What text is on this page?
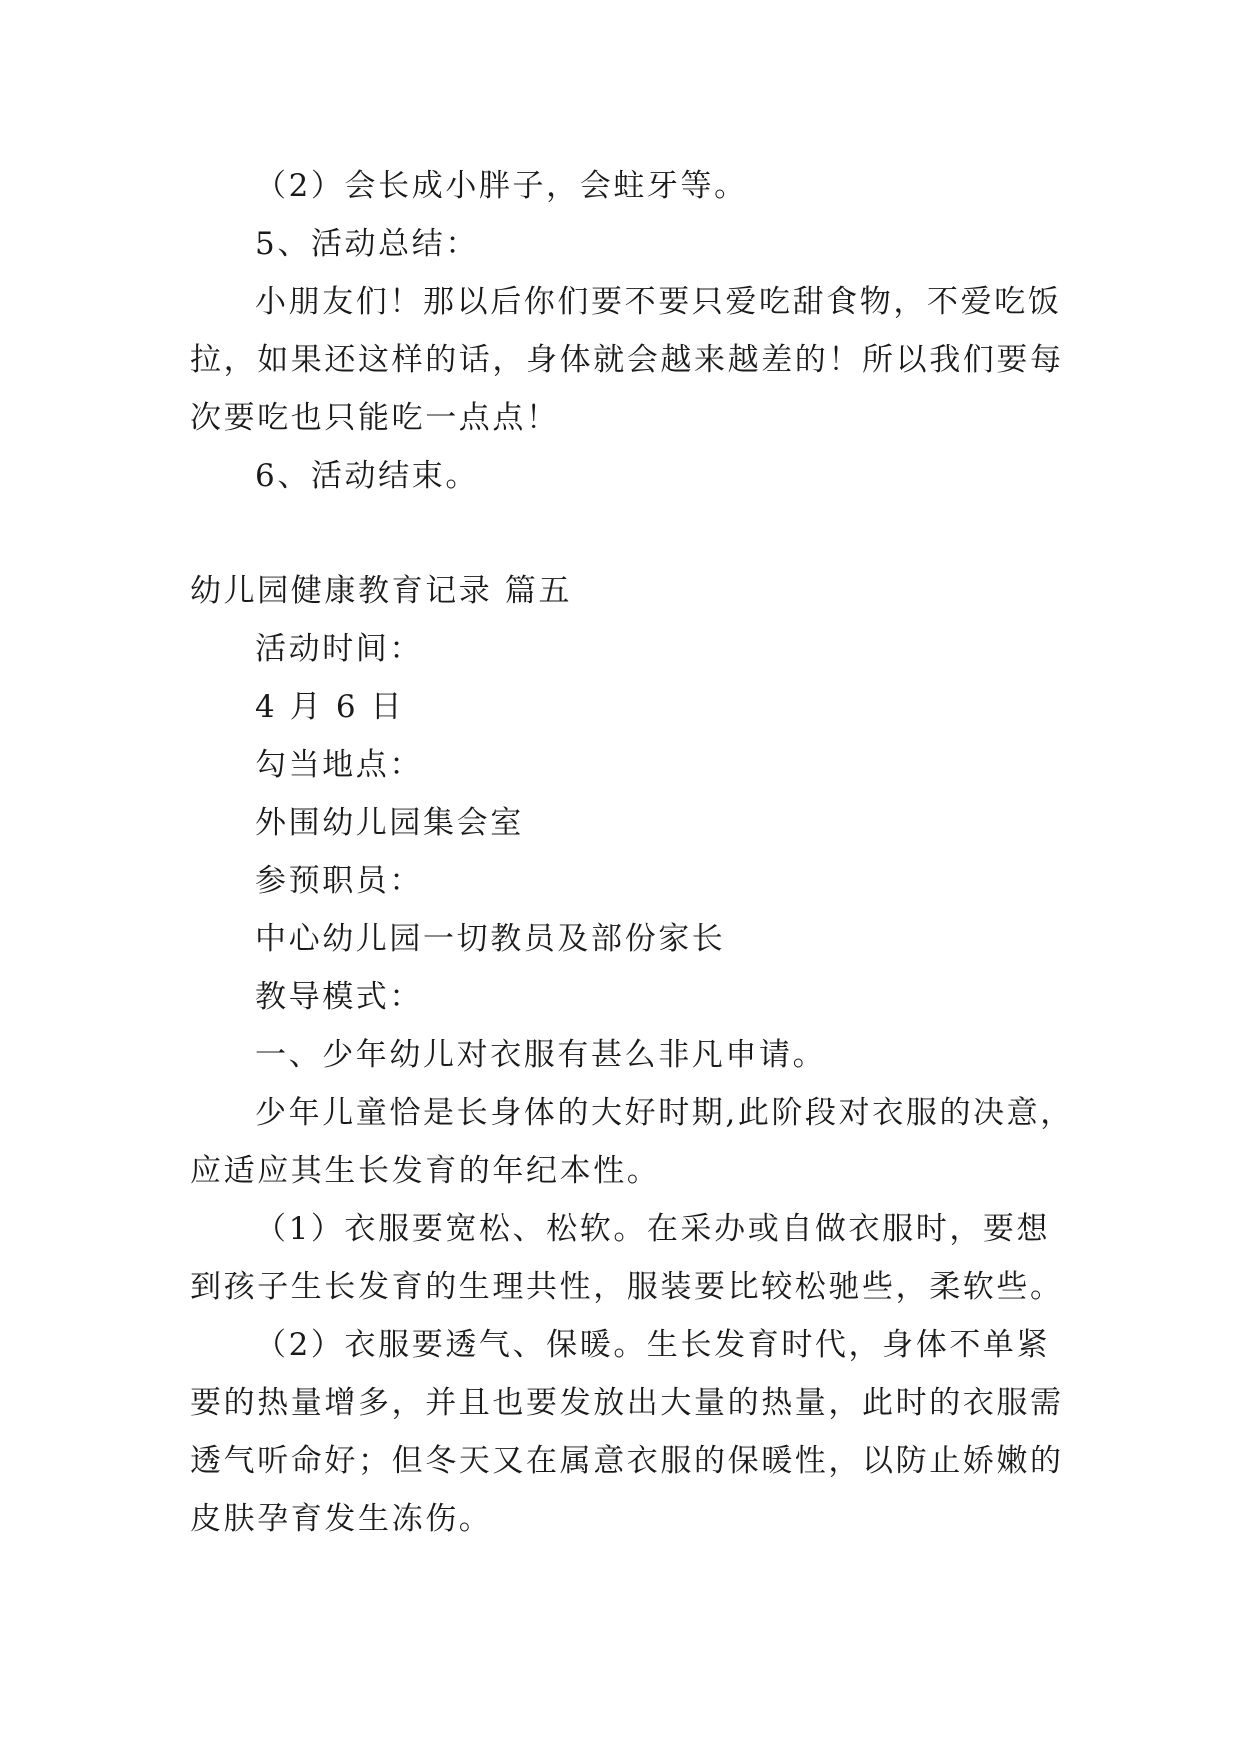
（2）会长成小胖子，会蛀牙等。
5、活动总结：
小朋友们！那以后你们要不要只爱吃甜食物，不爱吃饭
拉，如果还这样的话，身体就会越来越差的！所以我们要每
次要吃也只能吃一点点！
6、活动结束。
幼儿园健康教育记录 篇五
活动时间：
4 月 6 日
勾当地点：
外围幼儿园集会室
参预职员：
中心幼儿园一切教员及部份家长
教导模式：
一、少年幼儿对衣服有甚么非凡申请。
少年儿童恰是长身体的大好时期,此阶段对衣服的决意，
应适应其生长发育的年纪本性。
（1）衣服要宽松、松软。在采办或自做衣服时，要想
到孩子生长发育的生理共性，服装要比较松驰些，柔软些。
（2）衣服要透气、保暖。生长发育时代，身体不单紧
要的热量增多，并且也要发放出大量的热量，此时的衣服需
透气听命好；但冬天又在属意衣服的保暖性，以防止娇嫩的
皮肤孕育发生冻伤。
